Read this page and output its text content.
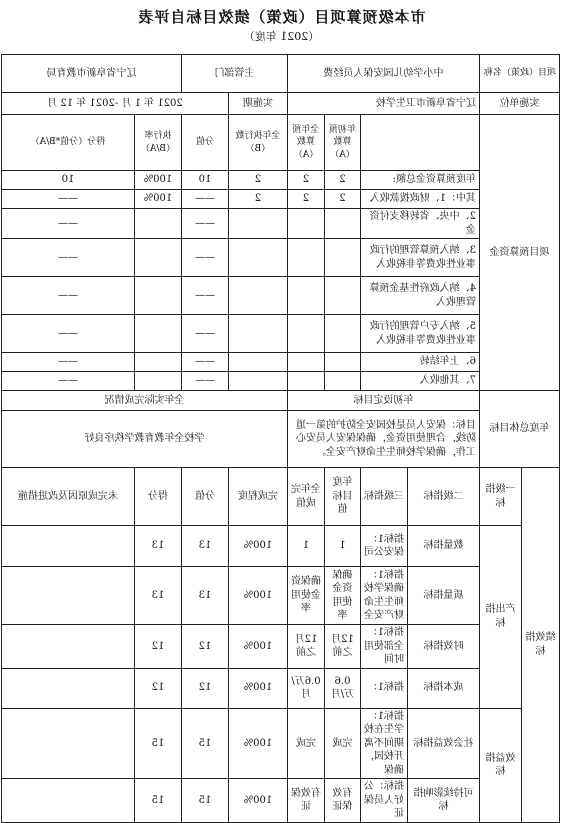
市本级预算项目（政策）绩效目标自评表
（2021 年度）
项目（政策）名称		中小学幼儿园安保人员经费				主管部门		辽宁省阜新市教育局	
实施单位		辽宁省阜新市卫生学校				实施期	2021 年 1 月 -2021 年 12 月		
项目预算资金				年初预算数（A）	全年预算数（A）	全年执行数（B）	分值	执行率（B/A）	得分（分值*B/A）
		年度预算资金总额:		2	2	2	10	100%	10
		其中：1、财政拨款收入		2	2	2	——	100%	——
		2、中央、省转移支付资金					——		——
		3、纳入预算管理的行政事业性收费等非税收入					——		——
		4、纳入政府性基金预算管理收入					——		——
		5、纳入专户管理的行政事业性收费等非税收入					——		——
		6、上年结转					——		——
		7、其他收入					——		——
年度总体目标		年初设定目标				全年实际完成情况			
		目标：保安人员是校园安全防护的第一道防线，合理使用资金，确保保安人员安心工作，确保学校师生生命财产安全。				学校全年教育教学秩序良好			
绩效指标	一级指标	二级指标	三级指标	年度目标值	全年完成值	完成程度	分值	得分	未完成原因及改进措施
	产出指标	数量指标	指标1：保安公司	1	1	100%	13	13	
		质量指标	指标1：确保学校师生生命财产安全	确保资金使用率	确保资金使用率	100%	13	13	
		时效指标	指标1：全部使用时间	12月之前	12月之前	100%	12	12	
		成本指标	指标1：	0.6万/月	0.6万/月	100%	12	12	
	效益指标	社会效益指标	指标1：学生在校期间不离开校园，确保	完成	完成	100%	15	15	
		可持续影响指标	指标：公好人员保证	有效保证	有效保证	100%	15	15	
